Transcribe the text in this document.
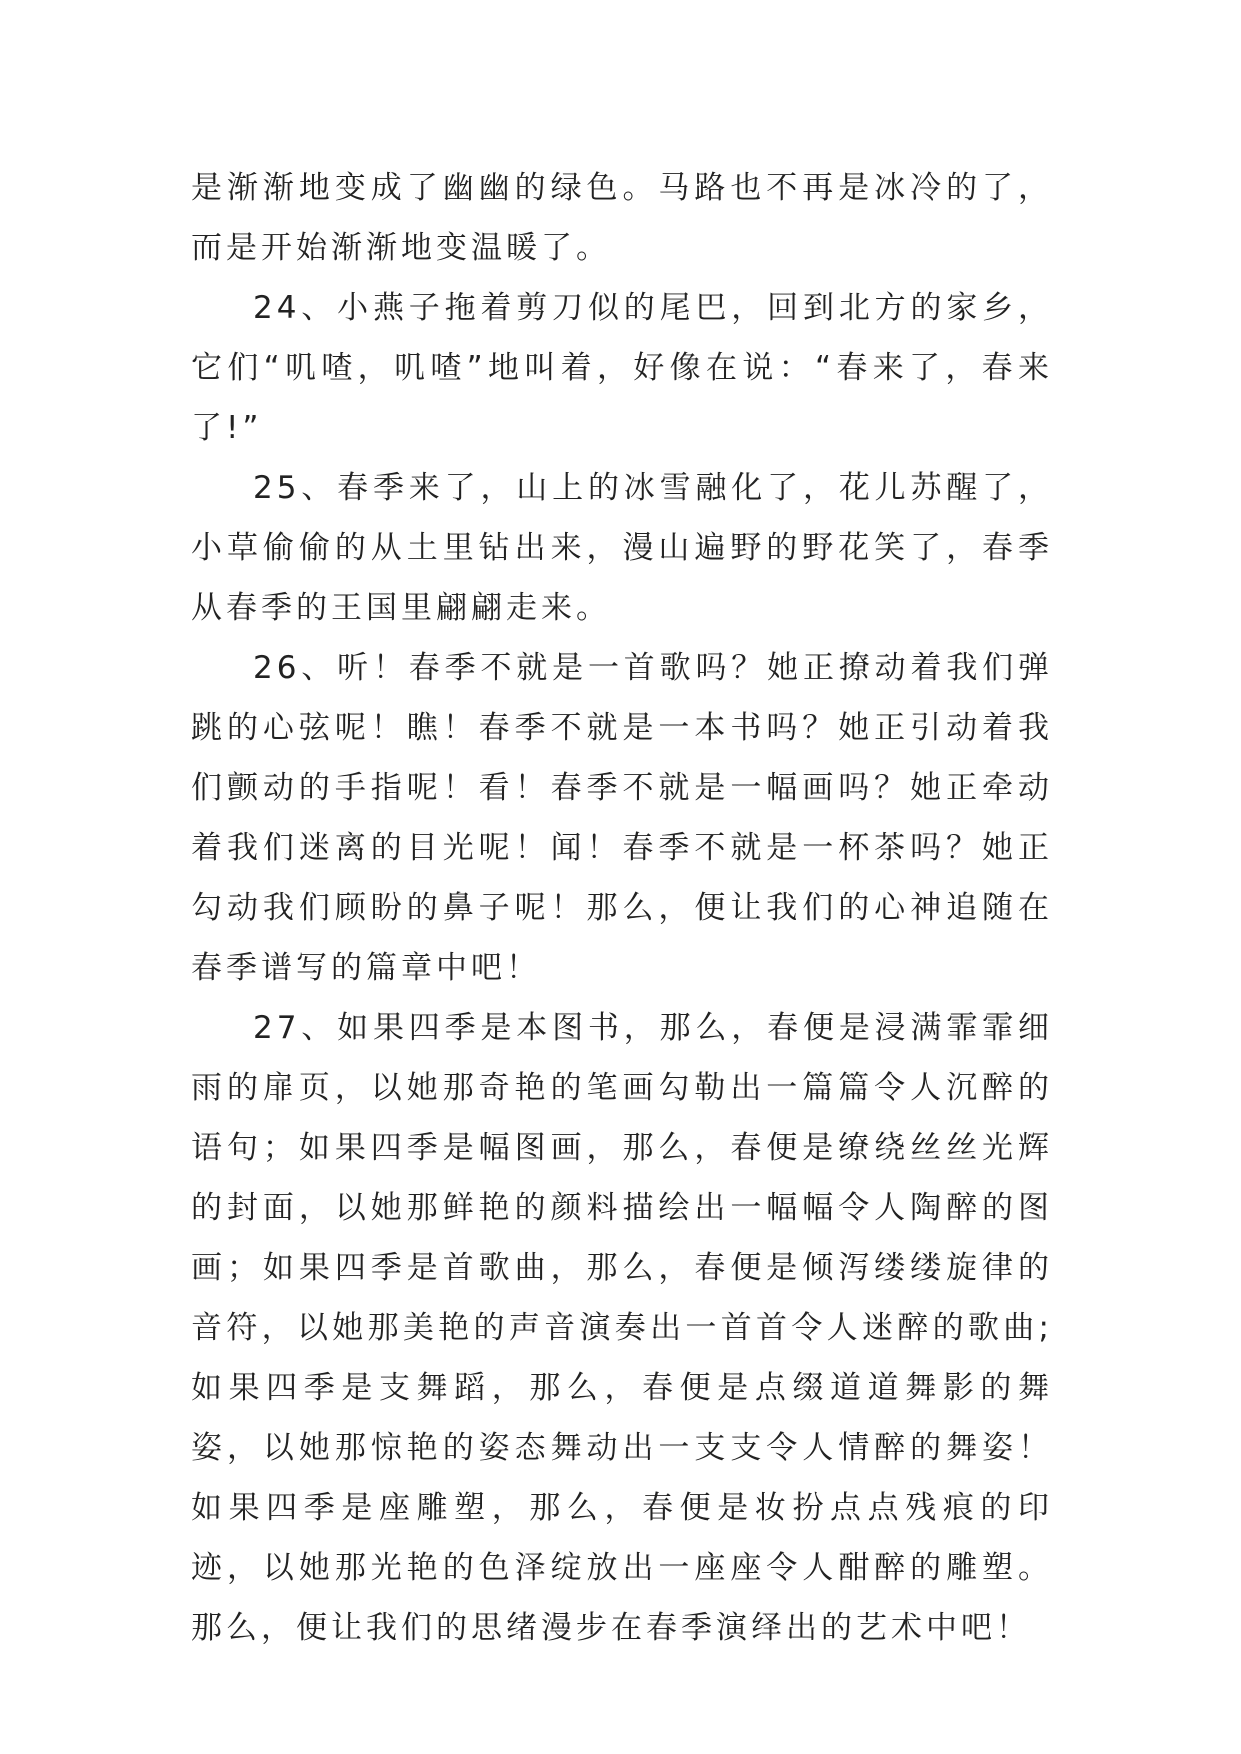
是渐渐地变成了幽幽的绿色。马路也不再是冰冷的了，而是开始渐渐地变温暖了。

24、小燕子拖着剪刀似的尾巴，回到北方的家乡，它们“叽喳，叽喳”地叫着，好像在说：“春来了，春来了!”

25、春季来了，山上的冰雪融化了，花儿苏醒了，小草偷偷的从土里钻出来，漫山遍野的野花笑了，春季从春季的王国里翩翩走来。

26、听！春季不就是一首歌吗？她正撩动着我们弹跳的心弦呢！瞧！春季不就是一本书吗？她正引动着我们颤动的手指呢！看！春季不就是一幅画吗？她正牵动着我们迷离的目光呢！闻！春季不就是一杯茶吗？她正勾动我们顾盼的鼻子呢！那么，便让我们的心神追随在春季谱写的篇章中吧！

27、如果四季是本图书，那么，春便是浸满霏霏细雨的扉页，以她那奇艳的笔画勾勒出一篇篇令人沉醉的语句；如果四季是幅图画，那么，春便是缭绕丝丝光辉的封面，以她那鲜艳的颜料描绘出一幅幅令人陶醉的图画；如果四季是首歌曲，那么，春便是倾泻缕缕旋律的音符，以她那美艳的声音演奏出一首首令人迷醉的歌曲;如果四季是支舞蹈，那么，春便是点缀道道舞影的舞姿，以她那惊艳的姿态舞动出一支支令人情醉的舞姿！如果四季是座雕塑，那么，春便是妆扮点点残痕的印迹，以她那光艳的色泽绽放出一座座令人酣醉的雕塑。那么，便让我们的思绪漫步在春季演绎出的艺术中吧！
